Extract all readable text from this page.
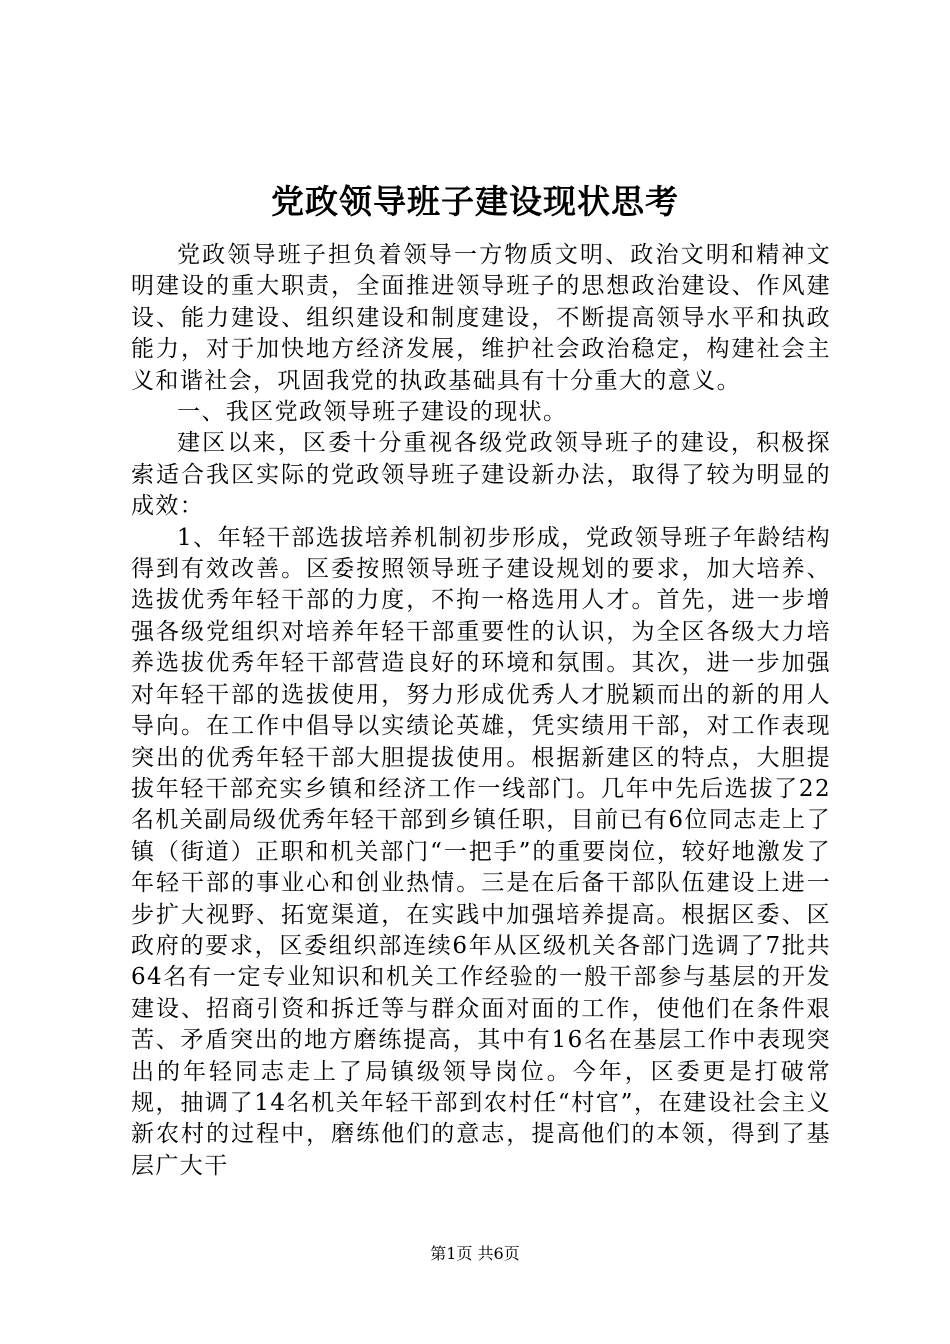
党政领导班子建设现状思考

党政领导班子担负着领导一方物质文明、政治文明和精神文明建设的重大职责，全面推进领导班子的思想政治建设、作风建设、能力建设、组织建设和制度建设，不断提高领导水平和执政能力，对于加快地方经济发展，维护社会政治稳定，构建社会主义和谐社会，巩固我党的执政基础具有十分重大的意义。

一、我区党政领导班子建设的现状。

建区以来，区委十分重视各级党政领导班子的建设，积极探索适合我区实际的党政领导班子建设新办法，取得了较为明显的成效：

1、年轻干部选拔培养机制初步形成，党政领导班子年龄结构得到有效改善。区委按照领导班子建设规划的要求，加大培养、选拔优秀年轻干部的力度，不拘一格选用人才。首先，进一步增强各级党组织对培养年轻干部重要性的认识，为全区各级大力培养选拔优秀年轻干部营造良好的环境和氛围。其次，进一步加强对年轻干部的选拔使用，努力形成优秀人才脱颖而出的新的用人导向。在工作中倡导以实绩论英雄，凭实绩用干部，对工作表现突出的优秀年轻干部大胆提拔使用。根据新建区的特点，大胆提拔年轻干部充实乡镇和经济工作一线部门。几年中先后选拔了22名机关副局级优秀年轻干部到乡镇任职，目前已有6位同志走上了镇（街道）正职和机关部门“一把手”的重要岗位，较好地激发了年轻干部的事业心和创业热情。三是在后备干部队伍建设上进一步扩大视野、拓宽渠道，在实践中加强培养提高。根据区委、区政府的要求，区委组织部连续6年从区级机关各部门选调了7批共64名有一定专业知识和机关工作经验的一般干部参与基层的开发建设、招商引资和拆迁等与群众面对面的工作，使他们在条件艰苦、矛盾突出的地方磨练提高，其中有16名在基层工作中表现突出的年轻同志走上了局镇级领导岗位。今年，区委更是打破常规，抽调了14名机关年轻干部到农村任“村官”，在建设社会主义新农村的过程中，磨练他们的意志，提高他们的本领，得到了基层广大干

第1页 共6页
